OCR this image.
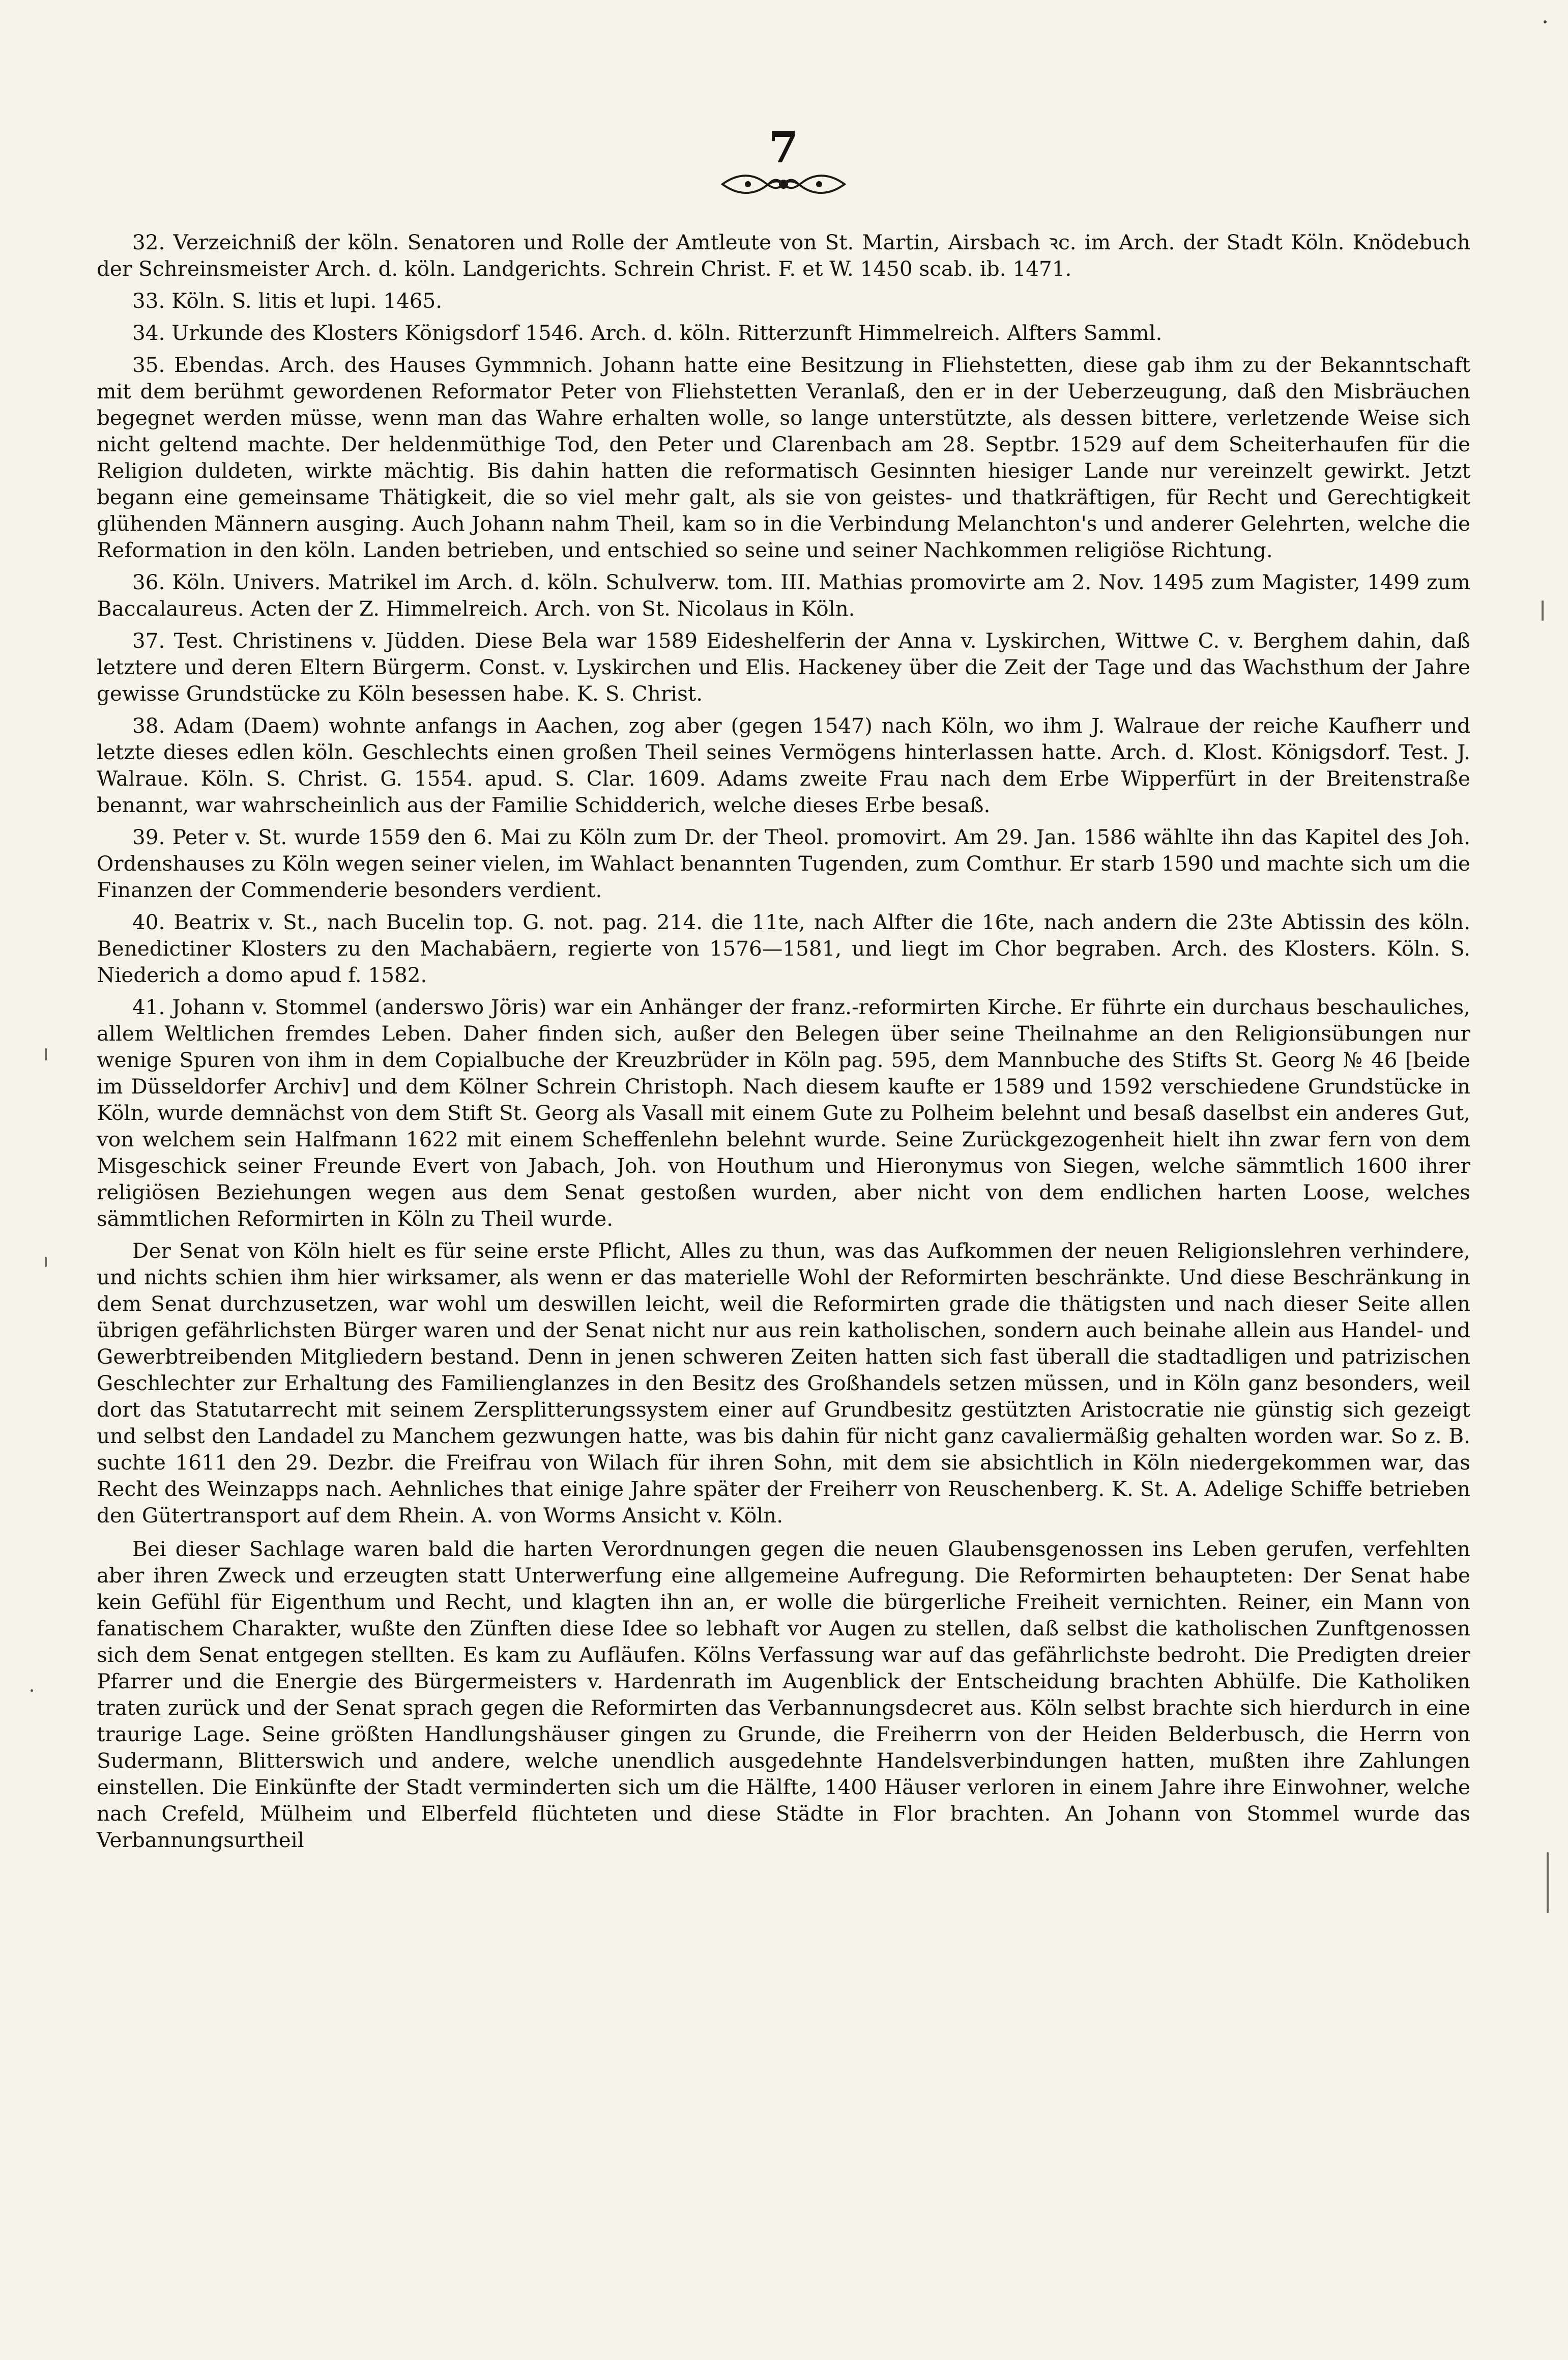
7

32. Verzeichniß der köln. Senatoren und Rolle der Amtleute von St. Martin, Airsbach ꝛc. im Arch. der Stadt Köln. Knödebuch der Schreinsmeister Arch. d. köln. Landgerichts. Schrein Christ. F. et W. 1450 scab. ib. 1471.

33. Köln. S. litis et lupi. 1465.

34. Urkunde des Klosters Königsdorf 1546. Arch. d. köln. Ritterzunft Himmelreich. Alfters Samml.

35. Ebendas. Arch. des Hauses Gymmnich. Johann hatte eine Besitzung in Fliehstetten, diese gab ihm zu der Bekanntschaft mit dem berühmt gewordenen Reformator Peter von Fliehstetten Veranlaß, den er in der Ueberzeugung, daß den Misbräuchen begegnet werden müsse, wenn man das Wahre erhalten wolle, so lange unterstützte, als dessen bittere, verletzende Weise sich nicht geltend machte. Der heldenmüthige Tod, den Peter und Clarenbach am 28. Septbr. 1529 auf dem Scheiterhaufen für die Religion duldeten, wirkte mächtig. Bis dahin hatten die reformatisch Gesinnten hiesiger Lande nur vereinzelt gewirkt. Jetzt begann eine gemeinsame Thätigkeit, die so viel mehr galt, als sie von geistes- und thatkräftigen, für Recht und Gerechtigkeit glühenden Männern ausging. Auch Johann nahm Theil, kam so in die Verbindung Melanchton's und anderer Gelehrten, welche die Reformation in den köln. Landen betrieben, und entschied so seine und seiner Nachkommen religiöse Richtung.

36. Köln. Univers. Matrikel im Arch. d. köln. Schulverw. tom. III. Mathias promovirte am 2. Nov. 1495 zum Magister, 1499 zum Baccalaureus. Acten der Z. Himmelreich. Arch. von St. Nicolaus in Köln.

37. Test. Christinens v. Jüdden. Diese Bela war 1589 Eideshelferin der Anna v. Lyskirchen, Wittwe C. v. Berghem dahin, daß letztere und deren Eltern Bürgerm. Const. v. Lyskirchen und Elis. Hackeney über die Zeit der Tage und das Wachsthum der Jahre gewisse Grundstücke zu Köln besessen habe. K. S. Christ.

38. Adam (Daem) wohnte anfangs in Aachen, zog aber (gegen 1547) nach Köln, wo ihm J. Walraue der reiche Kaufherr und letzte dieses edlen köln. Geschlechts einen großen Theil seines Vermögens hinterlassen hatte. Arch. d. Klost. Königsdorf. Test. J. Walraue. Köln. S. Christ. G. 1554. apud. S. Clar. 1609. Adams zweite Frau nach dem Erbe Wipperfürt in der Breitenstraße benannt, war wahrscheinlich aus der Familie Schidderich, welche dieses Erbe besaß.

39. Peter v. St. wurde 1559 den 6. Mai zu Köln zum Dr. der Theol. promovirt. Am 29. Jan. 1586 wählte ihn das Kapitel des Joh. Ordenshauses zu Köln wegen seiner vielen, im Wahlact benannten Tugenden, zum Comthur. Er starb 1590 und machte sich um die Finanzen der Commenderie besonders verdient.

40. Beatrix v. St., nach Bucelin top. G. not. pag. 214. die 11te, nach Alfter die 16te, nach andern die 23te Abtissin des köln. Benedictiner Klosters zu den Machabäern, regierte von 1576—1581, und liegt im Chor begraben. Arch. des Klosters. Köln. S. Niederich a domo apud f. 1582.

41. Johann v. Stommel (anderswo Jöris) war ein Anhänger der franz.-reformirten Kirche. Er führte ein durchaus beschauliches, allem Weltlichen fremdes Leben. Daher finden sich, außer den Belegen über seine Theilnahme an den Religionsübungen nur wenige Spuren von ihm in dem Copialbuche der Kreuzbrüder in Köln pag. 595, dem Mannbuche des Stifts St. Georg № 46 [beide im Düsseldorfer Archiv] und dem Kölner Schrein Christoph. Nach diesem kaufte er 1589 und 1592 verschiedene Grundstücke in Köln, wurde demnächst von dem Stift St. Georg als Vasall mit einem Gute zu Polheim belehnt und besaß daselbst ein anderes Gut, von welchem sein Halfmann 1622 mit einem Scheffenlehn belehnt wurde. Seine Zurückgezogenheit hielt ihn zwar fern von dem Misgeschick seiner Freunde Evert von Jabach, Joh. von Houthum und Hieronymus von Siegen, welche sämmtlich 1600 ihrer religiösen Beziehungen wegen aus dem Senat gestoßen wurden, aber nicht von dem endlichen harten Loose, welches sämmtlichen Reformirten in Köln zu Theil wurde.

Der Senat von Köln hielt es für seine erste Pflicht, Alles zu thun, was das Aufkommen der neuen Religionslehren verhindere, und nichts schien ihm hier wirksamer, als wenn er das materielle Wohl der Reformirten beschränkte. Und diese Beschränkung in dem Senat durchzusetzen, war wohl um deswillen leicht, weil die Reformirten grade die thätigsten und nach dieser Seite allen übrigen gefährlichsten Bürger waren und der Senat nicht nur aus rein katholischen, sondern auch beinahe allein aus Handel- und Gewerbtreibenden Mitgliedern bestand. Denn in jenen schweren Zeiten hatten sich fast überall die stadtadligen und patrizischen Geschlechter zur Erhaltung des Familienglanzes in den Besitz des Großhandels setzen müssen, und in Köln ganz besonders, weil dort das Statutarrecht mit seinem Zersplitterungssystem einer auf Grundbesitz gestützten Aristocratie nie günstig sich gezeigt und selbst den Landadel zu Manchem gezwungen hatte, was bis dahin für nicht ganz cavaliermäßig gehalten worden war. So z. B. suchte 1611 den 29. Dezbr. die Freifrau von Wilach für ihren Sohn, mit dem sie absichtlich in Köln niedergekommen war, das Recht des Weinzapps nach. Aehnliches that einige Jahre später der Freiherr von Reuschenberg. K. St. A. Adelige Schiffe betrieben den Gütertransport auf dem Rhein. A. von Worms Ansicht v. Köln.

Bei dieser Sachlage waren bald die harten Verordnungen gegen die neuen Glaubensgenossen ins Leben gerufen, verfehlten aber ihren Zweck und erzeugten statt Unterwerfung eine allgemeine Aufregung. Die Reformirten behaupteten: Der Senat habe kein Gefühl für Eigenthum und Recht, und klagten ihn an, er wolle die bürgerliche Freiheit vernichten. Reiner, ein Mann von fanatischem Charakter, wußte den Zünften diese Idee so lebhaft vor Augen zu stellen, daß selbst die katholischen Zunftgenossen sich dem Senat entgegen stellten. Es kam zu Aufläufen. Kölns Verfassung war auf das gefährlichste bedroht. Die Predigten dreier Pfarrer und die Energie des Bürgermeisters v. Hardenrath im Augenblick der Entscheidung brachten Abhülfe. Die Katholiken traten zurück und der Senat sprach gegen die Reformirten das Verbannungsdecret aus. Köln selbst brachte sich hierdurch in eine traurige Lage. Seine größten Handlungshäuser gingen zu Grunde, die Freiherrn von der Heiden Belderbusch, die Herrn von Sudermann, Blitterswich und andere, welche unendlich ausgedehnte Handelsverbindungen hatten, mußten ihre Zahlungen einstellen. Die Einkünfte der Stadt verminderten sich um die Hälfte, 1400 Häuser verloren in einem Jahre ihre Einwohner, welche nach Crefeld, Mülheim und Elberfeld flüchteten und diese Städte in Flor brachten. An Johann von Stommel wurde das Verbannungsurtheil
